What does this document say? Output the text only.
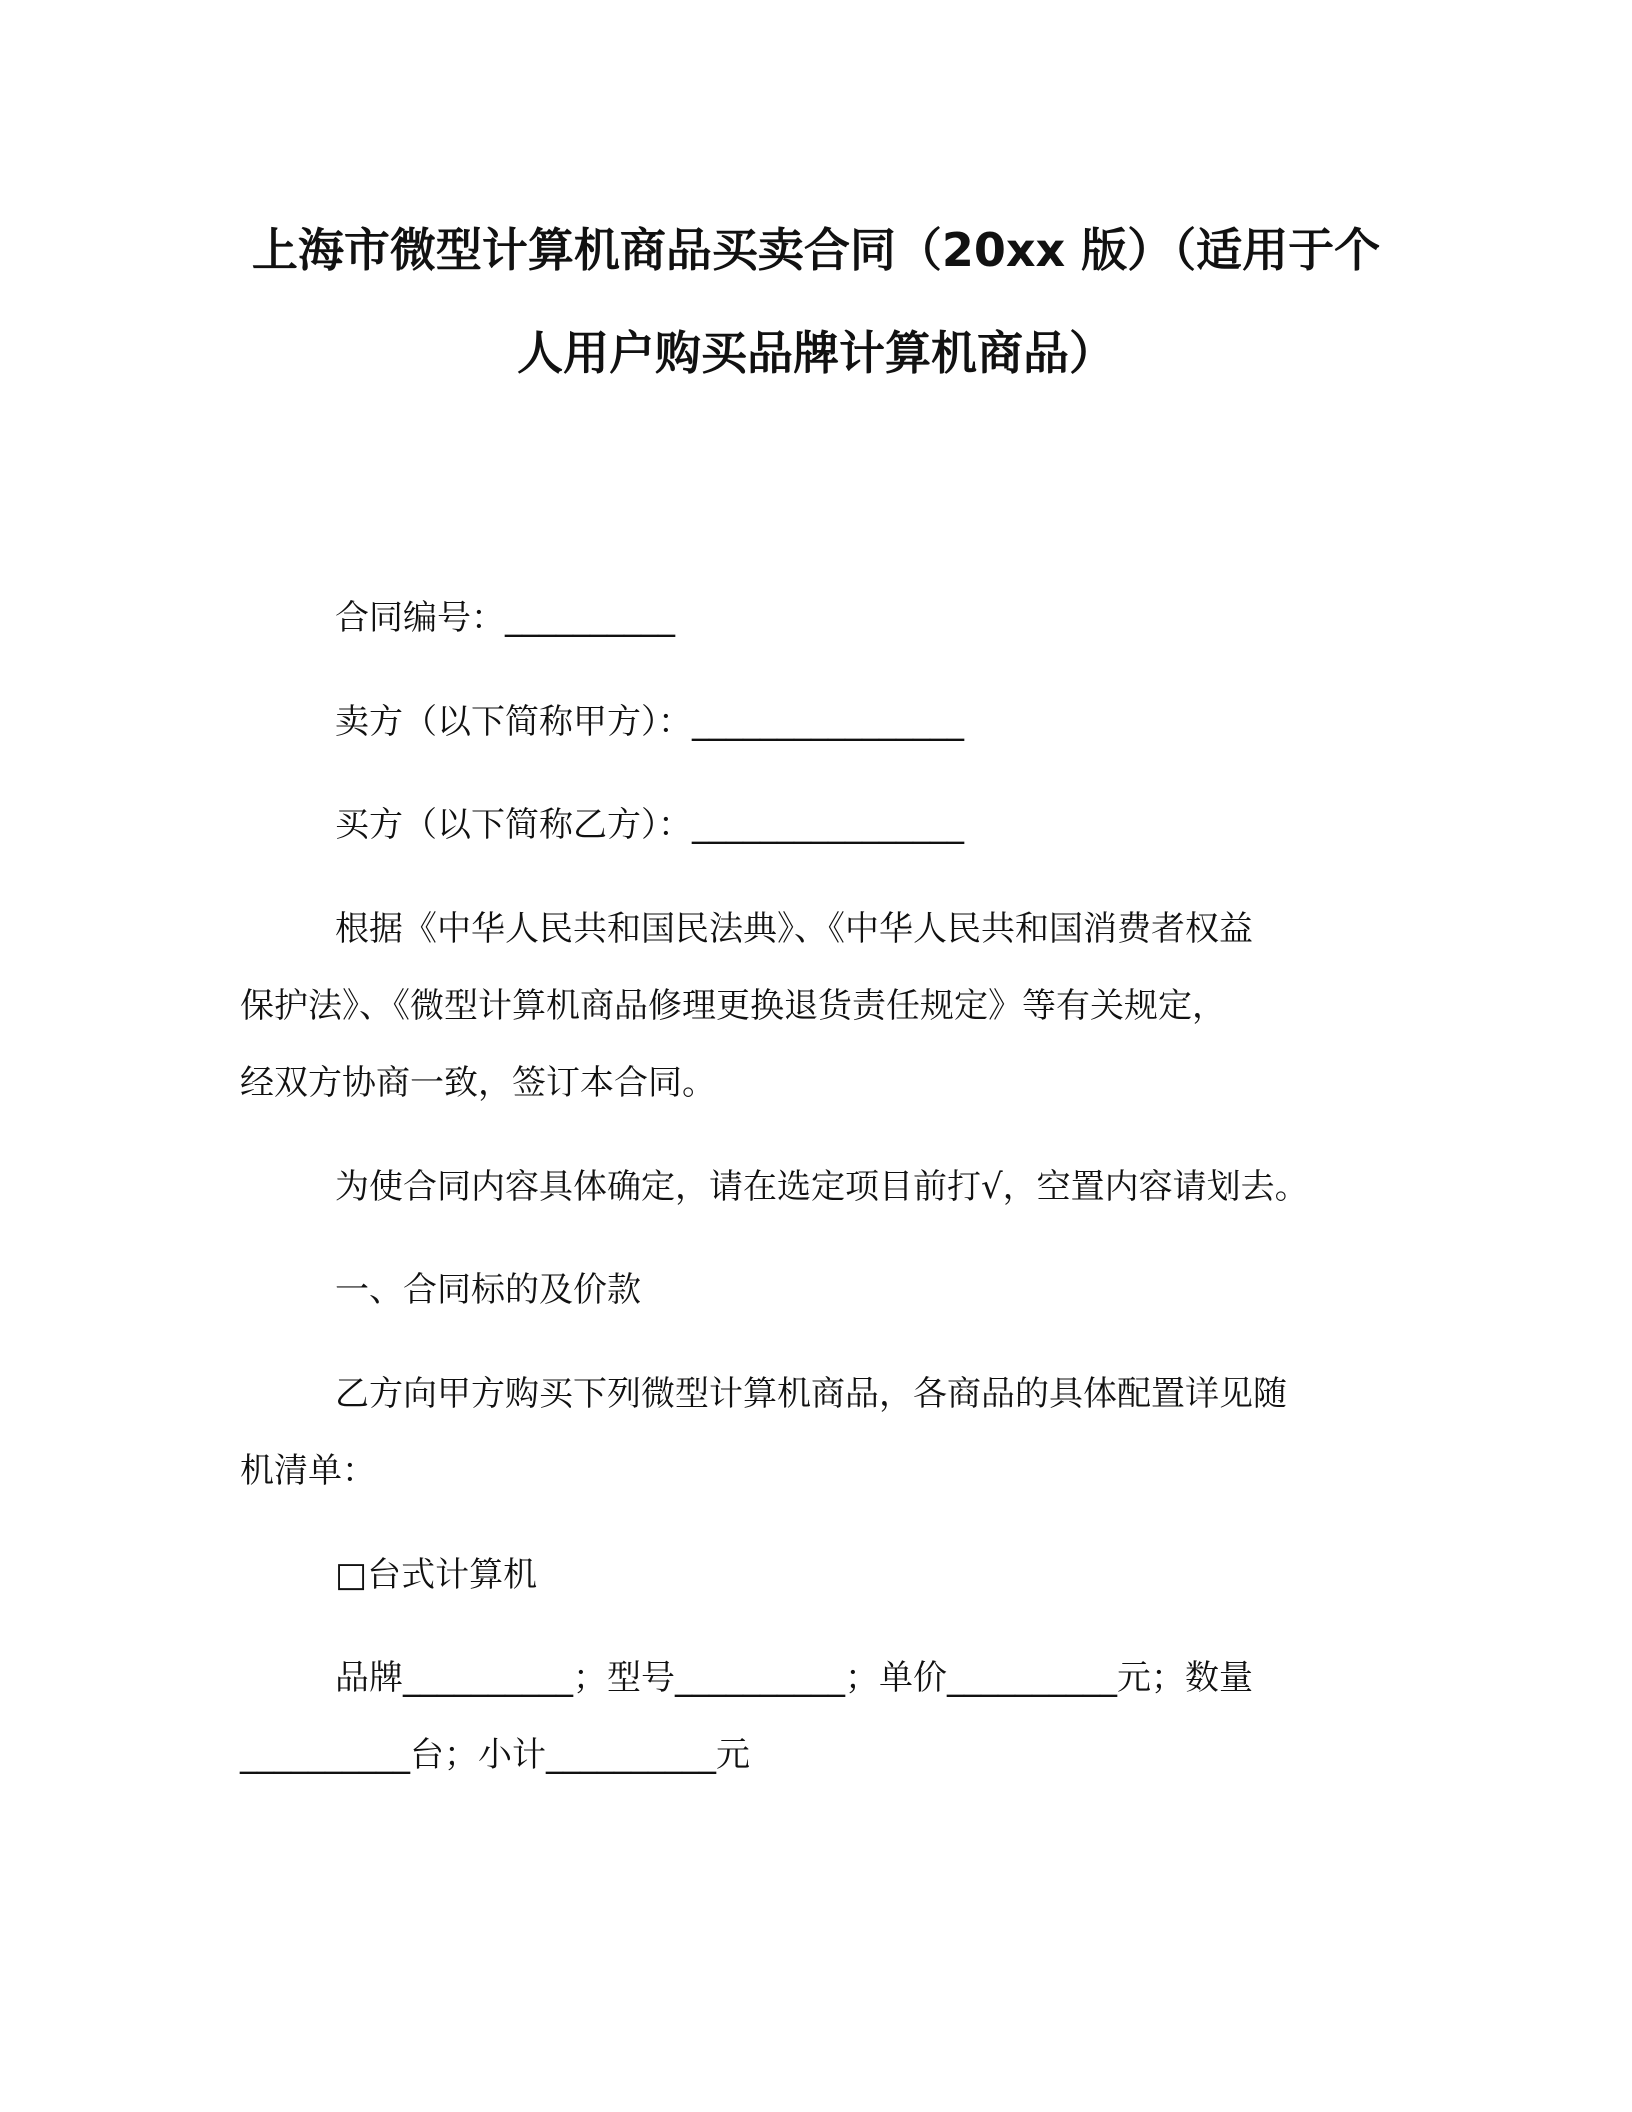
上海市微型计算机商品买卖合同（20xx 版）（适用于个
人用户购买品牌计算机商品）
合同编号：__________
卖方（以下简称甲方）：________________
买方（以下简称乙方）：________________
根据《中华人民共和国民法典》、《中华人民共和国消费者权益
保护法》、《微型计算机商品修理更换退货责任规定》等有关规定，
经双方协商一致，签订本合同。
为使合同内容具体确定，请在选定项目前打√，空置内容请划去。
一、合同标的及价款
乙方向甲方购买下列微型计算机商品，各商品的具体配置详见随
机清单：
□台式计算机
品牌__________；型号__________；单价__________元；数量
__________台；小计__________元
